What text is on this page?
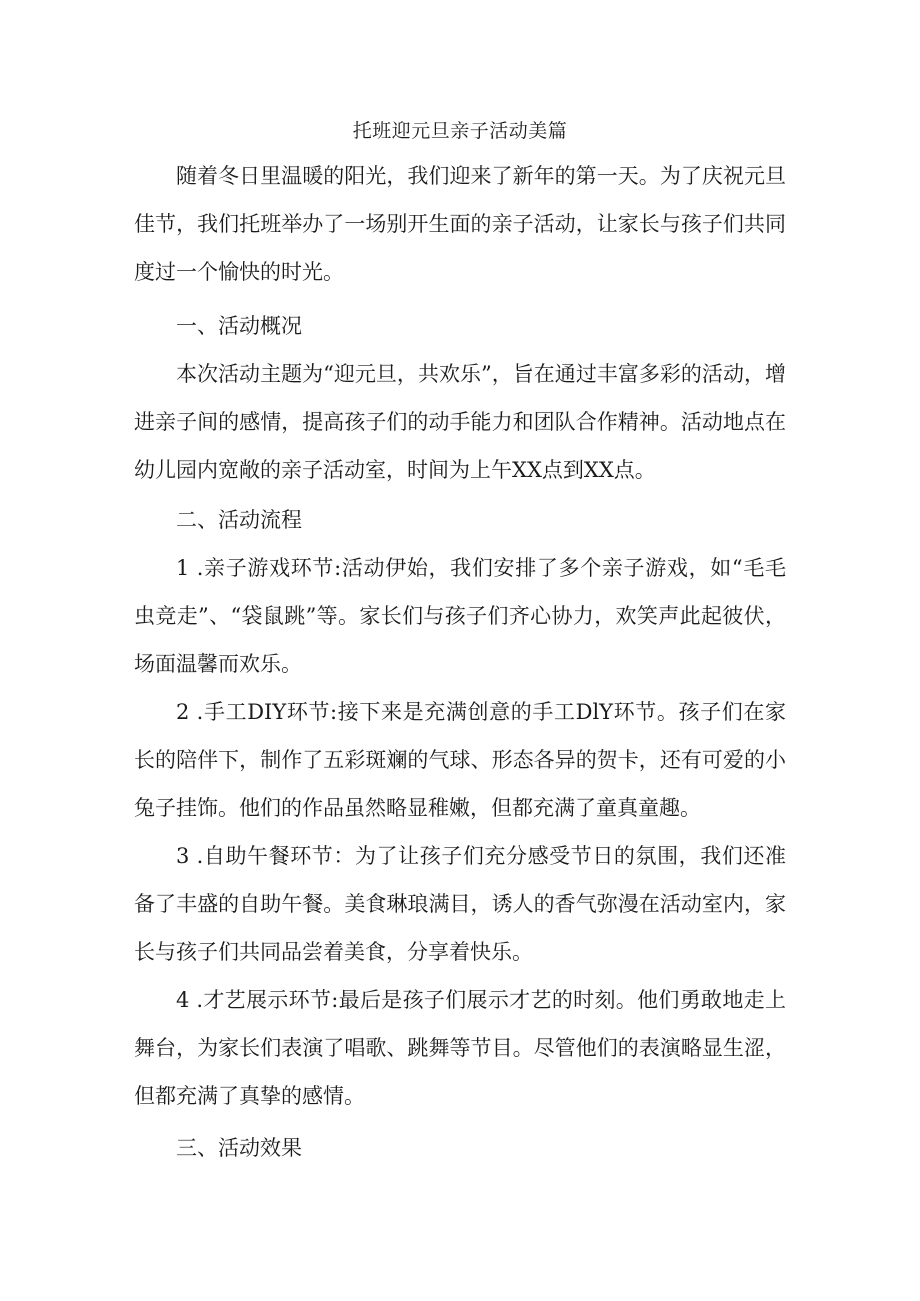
托班迎元旦亲子活动美篇

随着冬日里温暖的阳光，我们迎来了新年的第一天。为了庆祝元旦佳节，我们托班举办了一场别开生面的亲子活动，让家长与孩子们共同度过一个愉快的时光。

一、活动概况

本次活动主题为“迎元旦，共欢乐”，旨在通过丰富多彩的活动，增进亲子间的感情，提高孩子们的动手能力和团队合作精神。活动地点在幼儿园内宽敞的亲子活动室，时间为上午XX点到XX点。

二、活动流程

1 .亲子游戏环节:活动伊始，我们安排了多个亲子游戏，如“毛毛虫竞走”、“袋鼠跳”等。家长们与孩子们齐心协力，欢笑声此起彼伏，场面温馨而欢乐。

2 .手工DIY环节:接下来是充满创意的手工DlY环节。孩子们在家长的陪伴下，制作了五彩斑斓的气球、形态各异的贺卡，还有可爱的小兔子挂饰。他们的作品虽然略显稚嫩，但都充满了童真童趣。

3 .自助午餐环节：为了让孩子们充分感受节日的氛围，我们还准备了丰盛的自助午餐。美食琳琅满目，诱人的香气弥漫在活动室内，家长与孩子们共同品尝着美食，分享着快乐。

4 .才艺展示环节:最后是孩子们展示才艺的时刻。他们勇敢地走上舞台，为家长们表演了唱歌、跳舞等节目。尽管他们的表演略显生涩，但都充满了真挚的感情。

三、活动效果
